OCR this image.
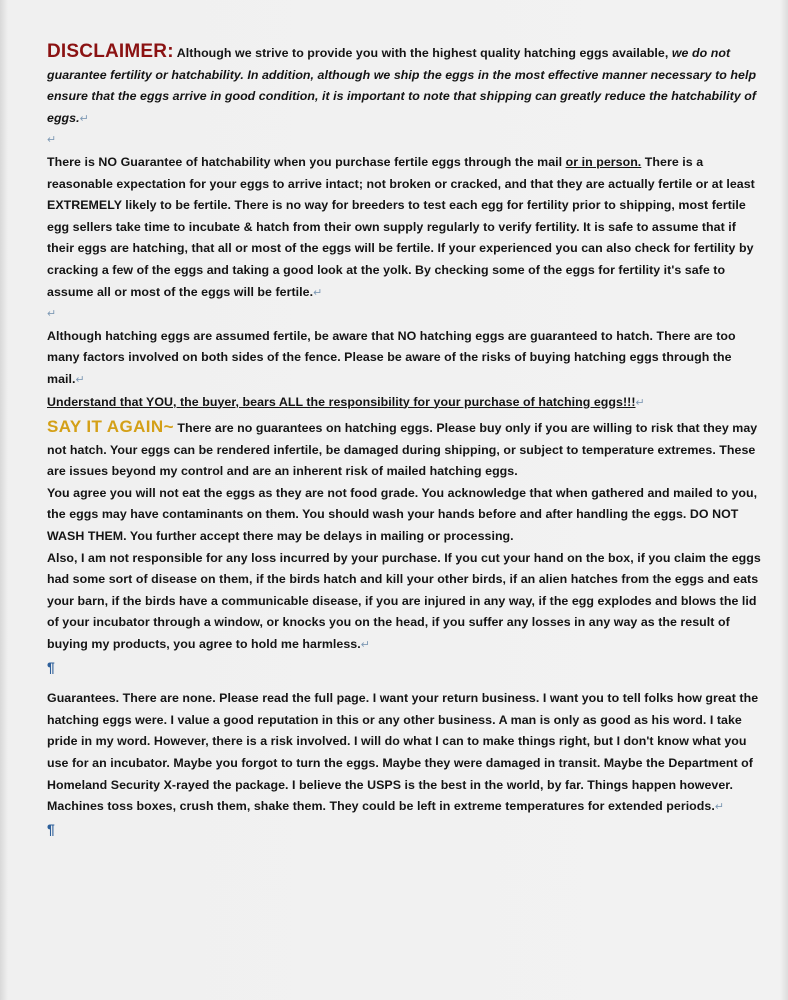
DISCLAIMER: Although we strive to provide you with the highest quality hatching eggs available, we do not guarantee fertility or hatchability. In addition, although we ship the eggs in the most effective manner necessary to help ensure that the eggs arrive in good condition, it is important to note that shipping can greatly reduce the hatchability of eggs.↵

↵

There is NO Guarantee of hatchability when you purchase fertile eggs through the mail or in person. There is a reasonable expectation for your eggs to arrive intact; not broken or cracked, and that they are actually fertile or at least EXTREMELY likely to be fertile. There is no way for breeders to test each egg for fertility prior to shipping, most fertile egg sellers take time to incubate & hatch from their own supply regularly to verify fertility. It is safe to assume that if their eggs are hatching, that all or most of the eggs will be fertile. If your experienced you can also check for fertility by cracking a few of the eggs and taking a good look at the yolk. By checking some of the eggs for fertility it's safe to assume all or most of the eggs will be fertile.↵

↵

Although hatching eggs are assumed fertile, be aware that NO hatching eggs are guaranteed to hatch. There are too many factors involved on both sides of the fence. Please be aware of the risks of buying hatching eggs through the mail.↵

Understand that YOU, the buyer, bears ALL the responsibility for your purchase of hatching eggs!!!↵

SAY IT AGAIN~ There are no guarantees on hatching eggs. Please buy only if you are willing to risk that they may not hatch. Your eggs can be rendered infertile, be damaged during shipping, or subject to temperature extremes. These are issues beyond my control and are an inherent risk of mailed hatching eggs.

You agree you will not eat the eggs as they are not food grade. You acknowledge that when gathered and mailed to you, the eggs may have contaminants on them. You should wash your hands before and after handling the eggs. DO NOT WASH THEM. You further accept there may be delays in mailing or processing.

Also, I am not responsible for any loss incurred by your purchase. If you cut your hand on the box, if you claim the eggs had some sort of disease on them, if the birds hatch and kill your other birds, if an alien hatches from the eggs and eats your barn, if the birds have a communicable disease, if you are injured in any way, if the egg explodes and blows the lid of your incubator through a window, or knocks you on the head, if you suffer any losses in any way as the result of buying my products, you agree to hold me harmless.↵

¶

Guarantees. There are none. Please read the full page. I want your return business. I want you to tell folks how great the hatching eggs were. I value a good reputation in this or any other business. A man is only as good as his word. I take pride in my word. However, there is a risk involved. I will do what I can to make things right, but I don't know what you use for an incubator. Maybe you forgot to turn the eggs. Maybe they were damaged in transit. Maybe the Department of Homeland Security X-rayed the package. I believe the USPS is the best in the world, by far. Things happen however. Machines toss boxes, crush them, shake them. They could be left in extreme temperatures for extended periods.↵

¶
